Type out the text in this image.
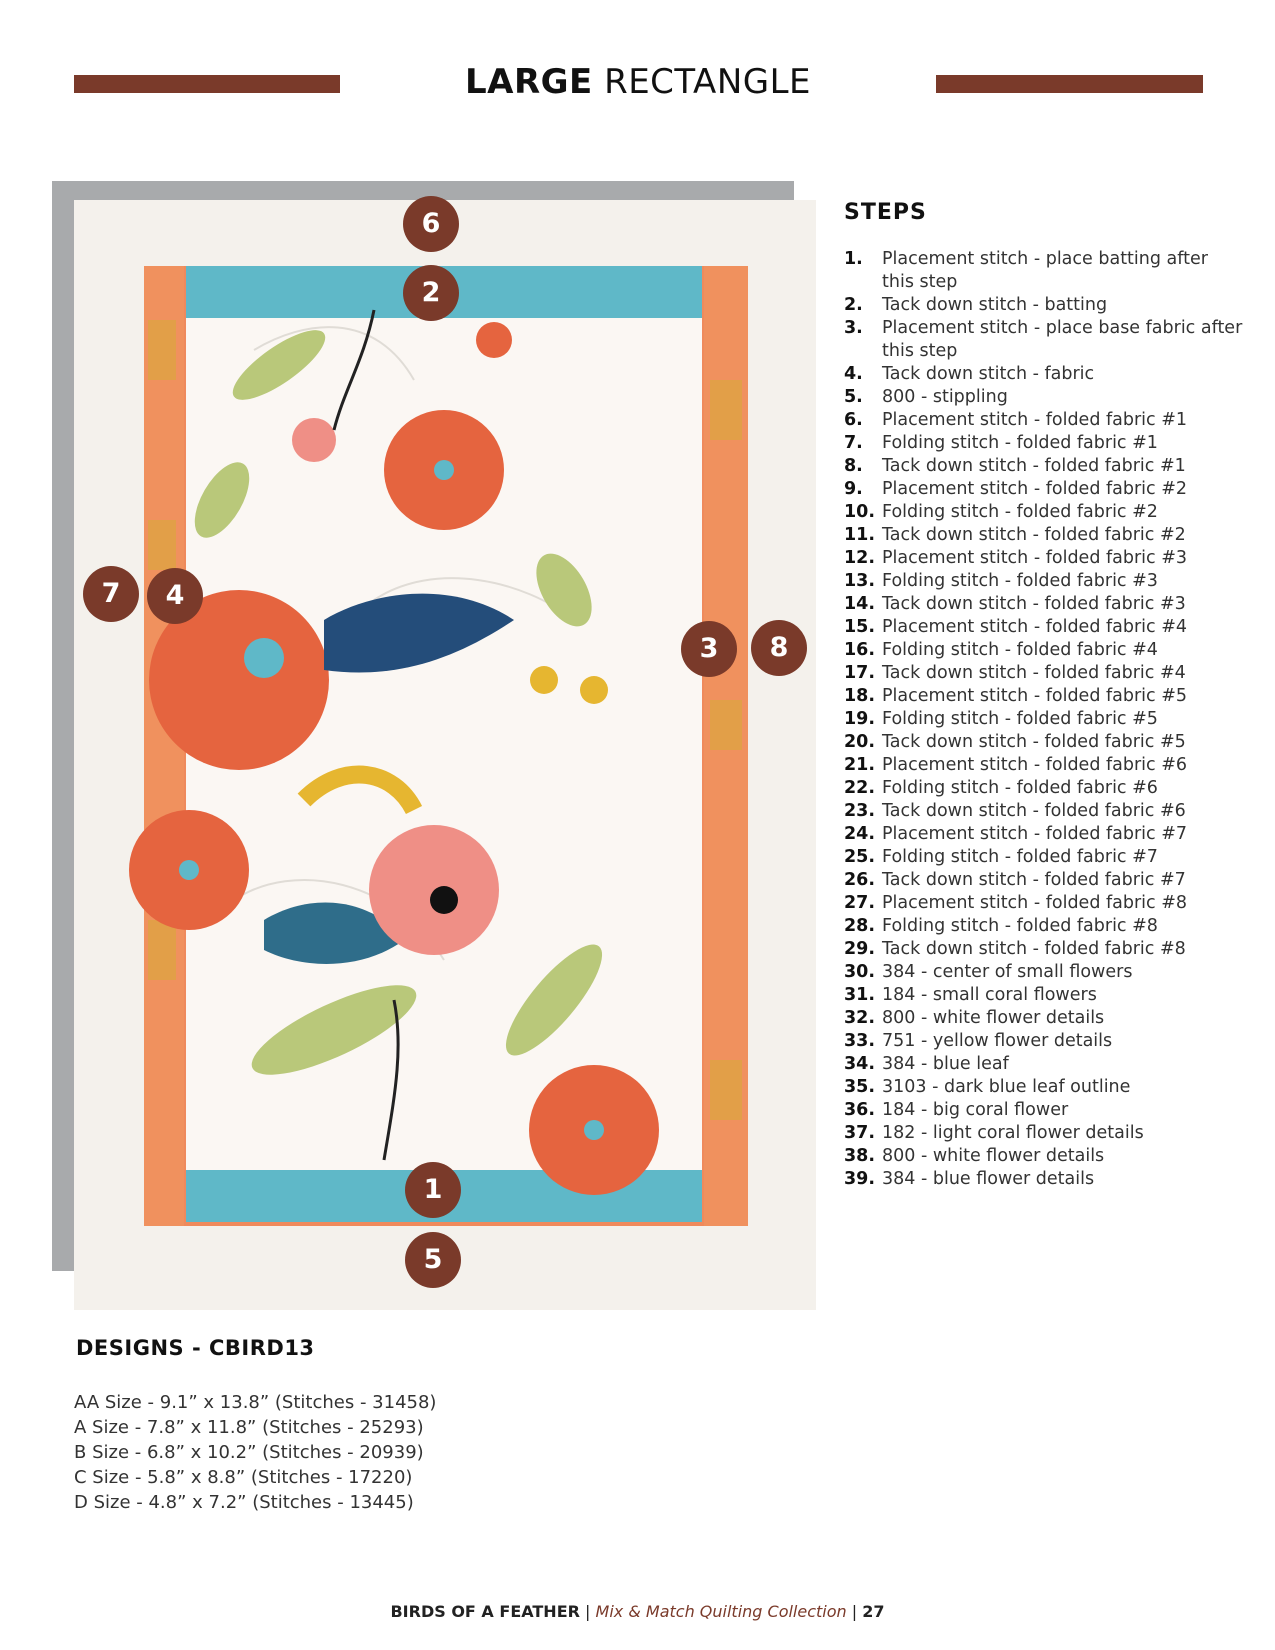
LARGE RECTANGLE
6
2
7	4
3	8
1
5
STEPS
1.	Placement stitch - place batting after this step
2.	Tack down stitch - batting
3.	Placement stitch - place base fabric after this step
4.	Tack down stitch - fabric
5.	800 - stippling
6.	Placement stitch - folded fabric #1
7.	Folding stitch - folded fabric #1
8.	Tack down stitch - folded fabric #1
9.	Placement stitch - folded fabric #2
10. Folding stitch - folded fabric #2
11. Tack down stitch - folded fabric #2
12. Placement stitch - folded fabric #3
13. Folding stitch - folded fabric #3
14. Tack down stitch - folded fabric #3
15. Placement stitch - folded fabric #4
16. Folding stitch - folded fabric #4
17. Tack down stitch - folded fabric #4
18. Placement stitch - folded fabric #5
19. Folding stitch - folded fabric #5
20. Tack down stitch - folded fabric #5
21. Placement stitch - folded fabric #6
22. Folding stitch - folded fabric #6
23. Tack down stitch - folded fabric #6
24. Placement stitch - folded fabric #7
25. Folding stitch - folded fabric #7
26. Tack down stitch - folded fabric #7
27. Placement stitch - folded fabric #8
28. Folding stitch - folded fabric #8
29. Tack down stitch - folded fabric #8
30. 384 - center of small flowers
31. 184 - small coral flowers
32. 800 - white flower details
33. 751 - yellow flower details
34. 384 - blue leaf
35. 3103 - dark blue leaf outline
36. 184 - big coral flower
37. 182 - light coral flower details
38. 800 - white flower details
39. 384 - blue flower details
DESIGNS - CBIRD13
AA Size - 9.1” x 13.8” (Stitches - 31458)
A Size - 7.8” x 11.8” (Stitches - 25293)
B Size - 6.8” x 10.2” (Stitches - 20939)
C Size - 5.8” x 8.8” (Stitches - 17220)
D Size - 4.8” x 7.2” (Stitches - 13445)
BIRDS OF A FEATHER | Mix & Match Quilting Collection | 27
